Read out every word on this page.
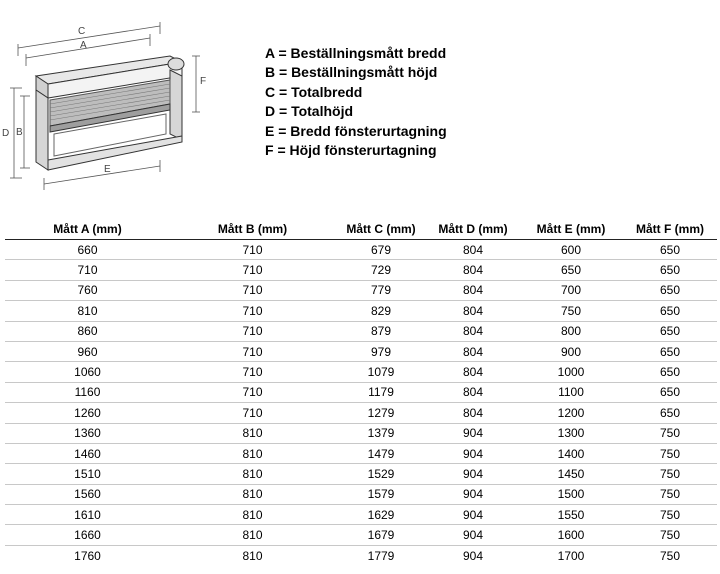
C
A
D B
E
F
A = Beställningsmått bredd
B = Beställningsmått höjd
C = Totalbredd
D = Totalhöjd
E = Bredd fönsterurtagning
F = Höjd fönsterurtagning
Mått A (mm)	Mått B (mm)	Mått C (mm)	Mått D (mm)	Mått E (mm)	Mått F (mm)
660	710	679	804	600	650
710	710	729	804	650	650
760	710	779	804	700	650
810	710	829	804	750	650
860	710	879	804	800	650
960	710	979	804	900	650
1060	710	1079	804	1000	650
1160	710	1179	804	1100	650
1260	710	1279	804	1200	650
1360	810	1379	904	1300	750
1460	810	1479	904	1400	750
1510	810	1529	904	1450	750
1560	810	1579	904	1500	750
1610	810	1629	904	1550	750
1660	810	1679	904	1600	750
1760	810	1779	904	1700	750
